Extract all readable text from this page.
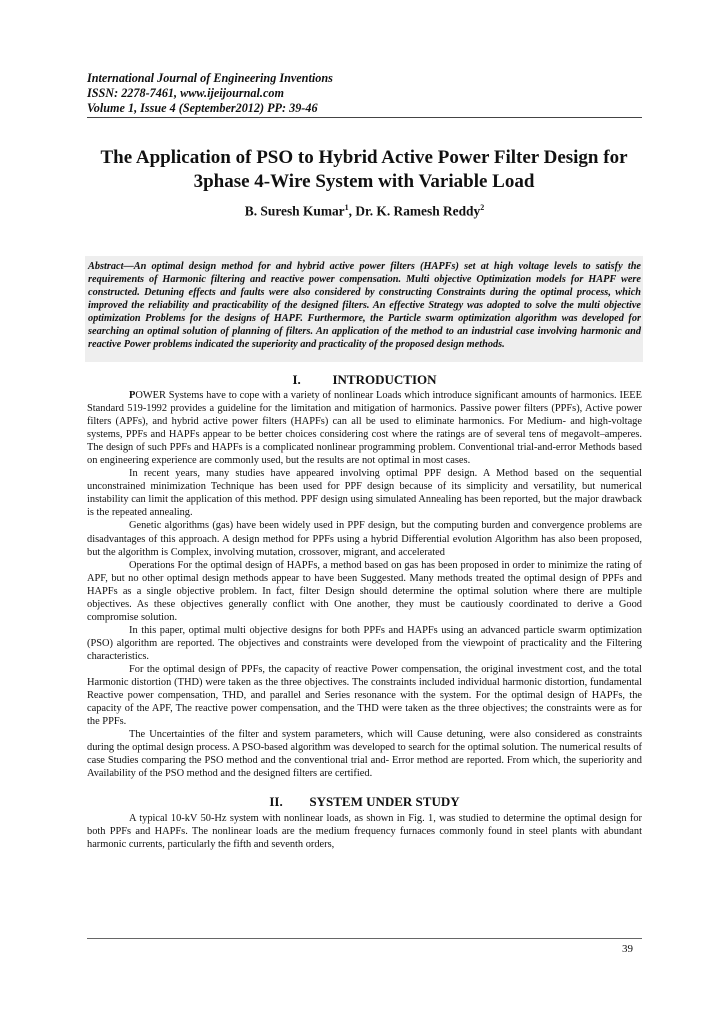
International Journal of Engineering Inventions
ISSN: 2278-7461, www.ijeijournal.com
Volume 1, Issue 4 (September2012) PP: 39-46
The Application of PSO to Hybrid Active Power Filter Design for
3phase 4-Wire System with Variable Load
B. Suresh Kumar$^1$, Dr. K. Ramesh Reddy$^2$
Abstract—An optimal design method for and hybrid active power filters (HAPFs) set at high voltage levels to satisfy the requirements of Harmonic filtering and reactive power compensation. Multi objective Optimization models for HAPF were constructed. Detuning effects and faults were also considered by constructing Constraints during the optimal process, which improved the reliability and practicability of the designed filters. An effective Strategy was adopted to solve the multi objective optimization Problems for the designs of HAPF. Furthermore, the Particle swarm optimization algorithm was developed for searching an optimal solution of planning of filters. An application of the method to an industrial case involving harmonic and reactive Power problems indicated the superiority and practicality of the proposed design methods.
I. INTRODUCTION

POWER Systems have to cope with a variety of nonlinear Loads which introduce significant amounts of harmonics. IEEE Standard 519-1992 provides a guideline for the limitation and mitigation of harmonics. Passive power filters (PPFs), Active power filters (APFs), and hybrid active power filters (HAPFs) can all be used to eliminate harmonics. For Medium- and high-voltage systems, PPFs and HAPFs appear to be better choices considering cost where the ratings are of several tens of megavolt–amperes. The design of such PPFs and HAPFs is a complicated nonlinear programming problem. Conventional trial-and-error Methods based on engineering experience are commonly used, but the results are not optimal in most cases.

In recent years, many studies have appeared involving optimal PPF design. A Method based on the sequential unconstrained minimization Technique has been used for PPF design because of its simplicity and versatility, but numerical instability can limit the application of this method. PPF design using simulated Annealing has been reported, but the major drawback is the repeated annealing.

Genetic algorithms (gas) have been widely used in PPF design, but the computing burden and convergence problems are disadvantages of this approach. A design method for PPFs using a hybrid Differential evolution Algorithm has also been proposed, but the algorithm is Complex, involving mutation, crossover, migrant, and accelerated

Operations For the optimal design of HAPFs, a method based on gas has been proposed in order to minimize the rating of APF, but no other optimal design methods appear to have been Suggested. Many methods treated the optimal design of PPFs and HAPFs as a single objective problem. In fact, filter Design should determine the optimal solution where there are multiple objectives. As these objectives generally conflict with One another, they must be cautiously coordinated to derive a Good compromise solution.

In this paper, optimal multi objective designs for both PPFs and HAPFs using an advanced particle swarm optimization (PSO) algorithm are reported. The objectives and constraints were developed from the viewpoint of practicality and the Filtering characteristics.

For the optimal design of PPFs, the capacity of reactive Power compensation, the original investment cost, and the total Harmonic distortion (THD) were taken as the three objectives. The constraints included individual harmonic distortion, fundamental Reactive power compensation, THD, and parallel and Series resonance with the system. For the optimal design of HAPFs, the capacity of the APF, The reactive power compensation, and the THD were taken as the three objectives; the constraints were as for the PPFs.

The Uncertainties of the filter and system parameters, which will Cause detuning, were also considered as constraints during the optimal design process. A PSO-based algorithm was developed to search for the optimal solution. The numerical results of case Studies comparing the PSO method and the conventional trial and- Error method are reported. From which, the superiority and Availability of the PSO method and the designed filters are certified.

II. SYSTEM UNDER STUDY

A typical 10-kV 50-Hz system with nonlinear loads, as shown in Fig. 1, was studied to determine the optimal design for both PPFs and HAPFs. The nonlinear loads are the medium frequency furnaces commonly found in steel plants with abundant harmonic currents, particularly the fifth and seventh orders,

39
